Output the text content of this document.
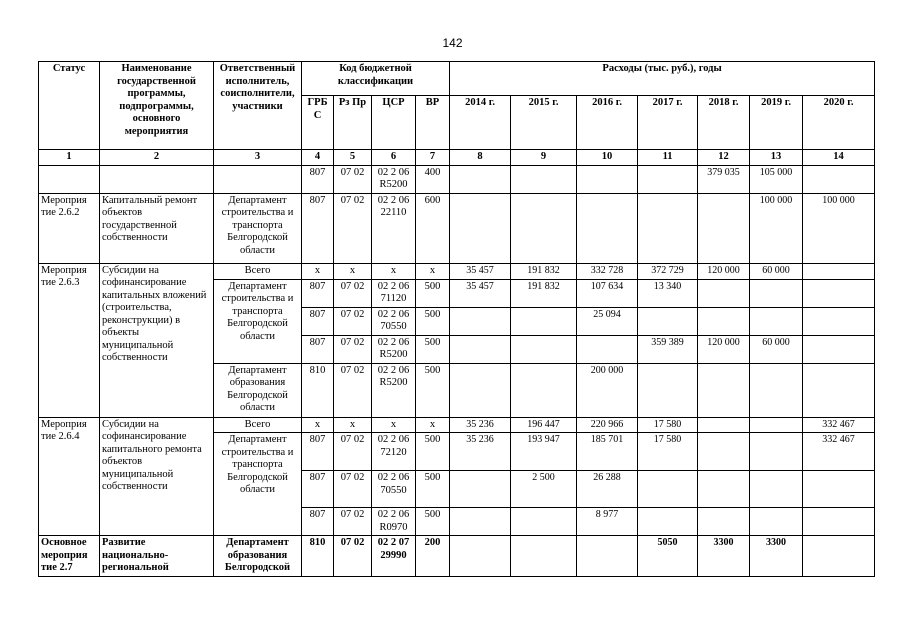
142
Статус	Наименование государственной программы, подпрограммы, основного мероприятия	Ответственный исполнитель, соисполнители, участники	Код бюджетной классификации				Расходы (тыс. руб.), годы						
			ГРБ С	Рз Пр	ЦСР	ВР	2014 г.	2015 г.	2016 г.	2017 г.	2018 г.	2019 г.	2020 г.
1	2	3	4	5	6	7	8	9	10	11	12	13	14
			807	07 02	02 2 06 R5200	400					379 035	105 000	
Мероприя тие 2.6.2	Капитальный ремонт объектов государственной собственности	Департамент строительства и транспорта Белгородской области	807	07 02	02 2 06 22110	600						100 000	100 000
Мероприя тие 2.6.3	Субсидии на софинансирование капитальных вложений (строительства, реконструкции) в объекты муниципальной собственности	Всего	х	х	х	х	35 457	191 832	332 728	372 729	120 000	60 000	
		Департамент строительства и транспорта Белгородской области	807	07 02	02 2 06 71120	500	35 457	191 832	107 634	13 340			
			807	07 02	02 2 06 70550	500			25 094				
			807	07 02	02 2 06 R5200	500				359 389	120 000	60 000	
		Департамент образования Белгородской области	810	07 02	02 2 06 R5200	500			200 000				
Мероприя тие 2.6.4	Субсидии на софинансирование капитального ремонта объектов муниципальной собственности	Всего	х	х	х	х	35 236	196 447	220 966	17 580			332 467
		Департамент строительства и транспорта Белгородской области	807	07 02	02 2 06 72120	500	35 236	193 947	185 701	17 580			332 467
			807	07 02	02 2 06 70550	500		2 500	26 288				
			807	07 02	02 2 06 R0970	500			8 977				
Основное мероприя тие 2.7	Развитие национально-региональной	Департамент образования Белгородской	810	07 02	02 2 07 29990	200				5050	3300	3300	
